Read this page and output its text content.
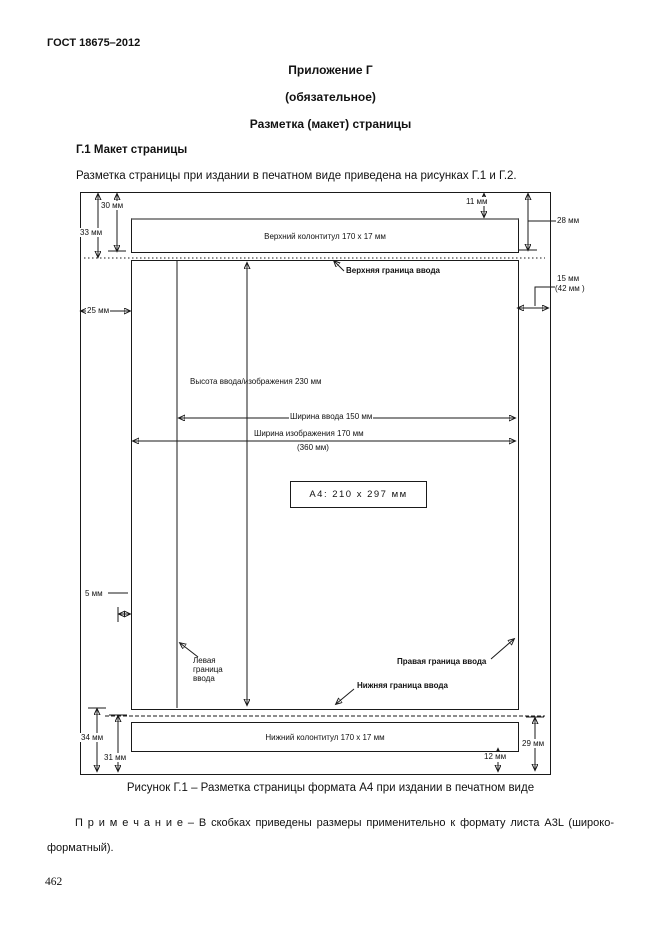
ГОСТ 18675–2012
Приложение Г
(обязательное)
Разметка (макет) страницы
Г.1 Макет страницы
Разметка страницы при издании в печатном виде приведена на рисунках Г.1 и Г.2.
Верхний колонтитул 170 х 17 мм
Нижний колонтитул 170 х 17 мм
А4: 210 х 297 мм
30 мм
33 мм
11 мм
28 мм
25 мм
15 мм
(42 мм )
5 мм
34 мм
31 мм
29 мм
12 мм
Высота ввода/изображения 230 мм
Ширина ввода 150 мм
Ширина изображения 170 мм
(360 мм)
Верхняя граница ввода
Левая
граница
ввода
Правая граница ввода
Нижняя граница ввода
Рисунок Г.1 – Разметка страницы формата А4 при издании в печатном виде
П р и м е ч а н и е – В скобках приведены размеры применительно к формату листа А3L (широко-
форматный).
462
